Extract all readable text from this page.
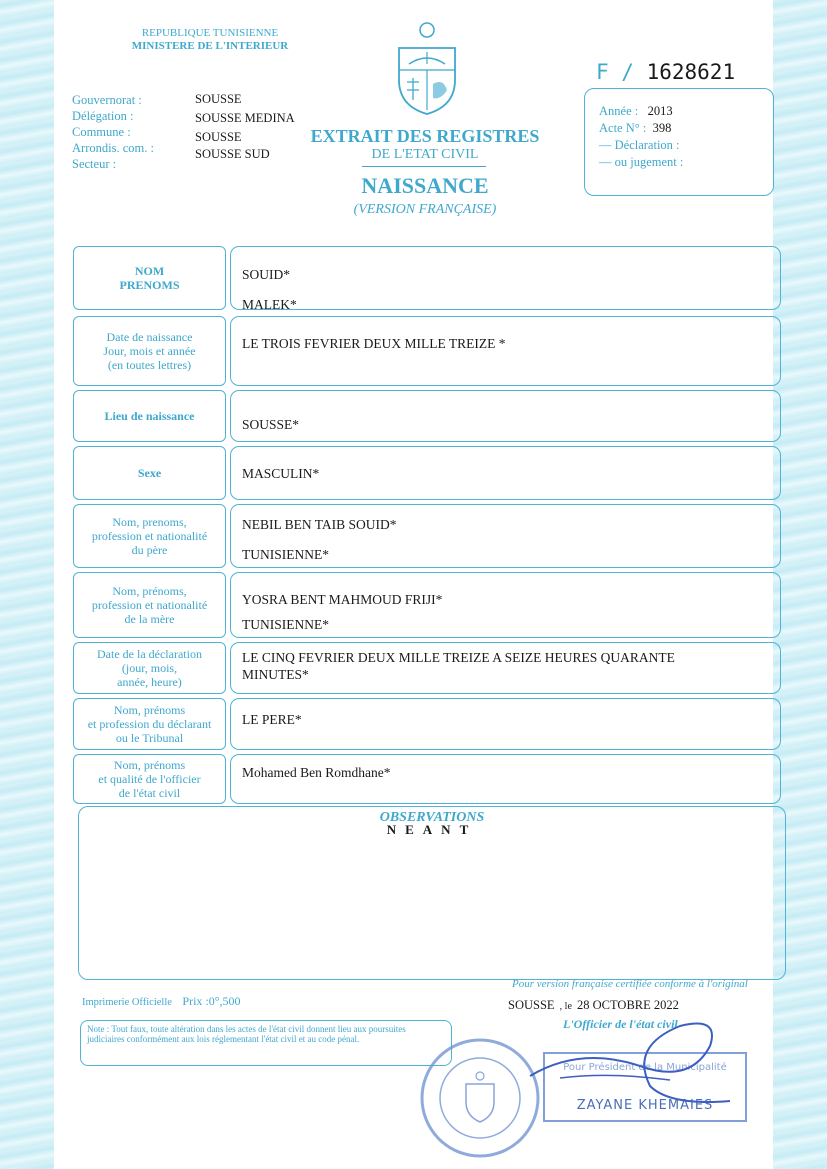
REPUBLIQUE TUNISIENNE
MINISTERE DE L'INTERIEUR
Gouvernorat :
Délégation :
Commune :
Arrondis. com. :
Secteur :
SOUSSE
SOUSSE MEDINA
SOUSSE
SOUSSE SUD
EXTRAIT DES REGISTRES
DE L'ETAT CIVIL
NAISSANCE
(VERSION FRANÇAISE)
F / 1628621
Année : 2013
Acte N° : 398
— Déclaration :
— ou jugement :
NOM
PRENOMS
SOUID*
MALEK*
Date de naissance
Jour, mois et année
(en toutes lettres)
LE TROIS FEVRIER DEUX MILLE TREIZE *
Lieu de naissance
SOUSSE*
Sexe	MASCULIN*
Nom, prenoms,
profession et nationalité
du père
NEBIL BEN TAIB SOUID*
TUNISIENNE*
Nom, prénoms,
profession et nationalité
de la mère
YOSRA BENT MAHMOUD FRIJI*
TUNISIENNE*
Date de la déclaration
(jour, mois,
année, heure)
LE CINQ FEVRIER DEUX MILLE TREIZE A SEIZE HEURES QUARANTE
MINUTES*
Nom, prénoms
et profession du déclarant
ou le Tribunal
LE PERE*
Nom, prénoms
et qualité de l'officier
de l'état civil
Mohamed Ben Romdhane*
OBSERVATIONS
NEANT
Imprimerie Officielle Prix :0°,500
Pour version française certifiée conforme à l'original
SOUSSE , le 28 OCTOBRE 2022
L'Officier de l'état civil
Note : Tout faux, toute altération dans les actes de l'état civil donnent lieu aux poursuites judiciaires conformément aux lois réglementant l'état civil et au code pénal.
Pour Président de la Municipalité
ZAYANE KHEMAIES
